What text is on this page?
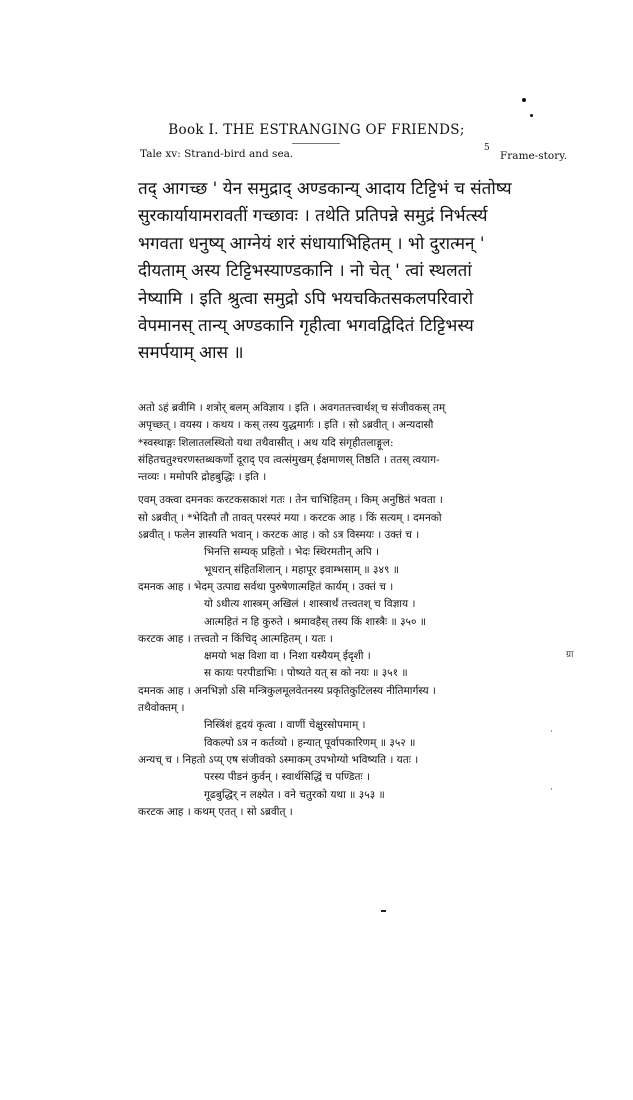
Book I. THE ESTRANGING OF FRIENDS;
Tale xv: Strand-bird and sea.	5
Frame-story.
तद् आगच्छ ' येन समुद्राद् अण्डकान्य् आदाय टिट्टिभं च संतोष्य
सुरकार्यायामरावतीं गच्छावः । तथेति प्रतिपन्ने समुद्रं निर्भर्त्स्य
भगवता धनुष्य् आग्नेयं शरं संधायाभिहितम् । भो दुरात्मन् '
दीयताम् अस्य टिट्टिभस्याण्डकानि । नो चेत् ' त्वां स्थलतां
नेष्यामि । इति श्रुत्वा समुद्रो ऽपि भयचकितसकलपरिवारो
वेपमानस् तान्य् अण्डकानि गृहीत्वा भगवद्विदितं टिट्टिभस्य
समर्पयाम् आस ॥
अतो ऽहं ब्रवीमि । शत्रोर् बलम् अविज्ञाय । इति । अवगततत्त्वार्थश् च संजीवकस् तम्
अपृच्छत् । वयस्य । कथय । कस् तस्य युद्धमार्गः । इति । सो ऽब्रवीत् । अन्यदासौ
*स्वस्थाङ्गः शिलातलस्थितो यथा तथैवासीत् । अथ यदि संगृहीतलाङ्गूल:
संहितचतुश्चरणस्तब्धकर्णो दूराद् एव त्वत्संमुखम् ईक्षमाणस् तिष्ठति । ततस् त्वयाग-
न्तव्यः । ममोपरि द्रोहबुद्धिः । इति ।
एवम् उक्त्वा दमनकः करटकसकाशं गतः । तेन चाभिहितम् । किम् अनुष्ठितं भवता ।
सो ऽब्रवीत् । *भेदितौ तौ तावत् परस्परं मया । करटक आह । किं सत्यम् । दमनको
ऽब्रवीत् । फलेन ज्ञास्यति भवान् । करटक आह । को ऽत्र विस्मयः । उक्तं च ।
भिनत्ति सम्यक् प्रहितो । भेदः स्थिरमतीन् अपि ।
भूधरान् संहितशिलान् । महापूर इवाम्भसाम् ॥ ३४९ ॥
दमनक आह । भेदम् उत्पाद्य सर्वथा पुरुषेणात्महितं कार्यम् । उक्तं च ।
यो ऽधीत्य शास्त्रम् अखिलं । शास्त्रार्थं तत्त्वतश् च विज्ञाय ।
आत्महितं न हि कुरुते । श्रमावहैस् तस्य किं शास्त्रैः ॥ ३५० ॥
करटक आह । तत्त्वतो न किंचिद् आत्महितम् । यतः ।
क्षमयो भक्ष विशा वा । निशा यस्यैयम् ईदृशी ।
स कायः परपीडाभिः । पोष्यते यत् स को नयः ॥ ३५१ ॥
दमनक आह । अनभिज्ञो ऽसि मन्त्रिकुलमूलवेतनस्य प्रकृतिकुटिलस्य नीतिमार्गस्य ।
तथैवोक्तम् ।
निस्त्रिंशं हृदयं कृत्वा । वाणीं चेक्षुरसोपमाम् ।
विकल्पो ऽत्र न कर्तव्यो । हन्यात् पूर्वापकारिणम् ॥ ३५२ ॥
अन्यच् च । निहतो ऽप्य् एष संजीवको ऽस्माकम् उपभोग्यो भविष्यति । यतः ।
परस्य पीडनं कुर्वन् । स्वार्थसिद्धिं च पण्डितः ।
गूढबुद्धिर् न लक्ष्येत । वने चतुरको यथा ॥ ३५३ ॥
करटक आह । कथम् एतत् । सो ऽब्रवीत् ।
ग्रा
·
·
